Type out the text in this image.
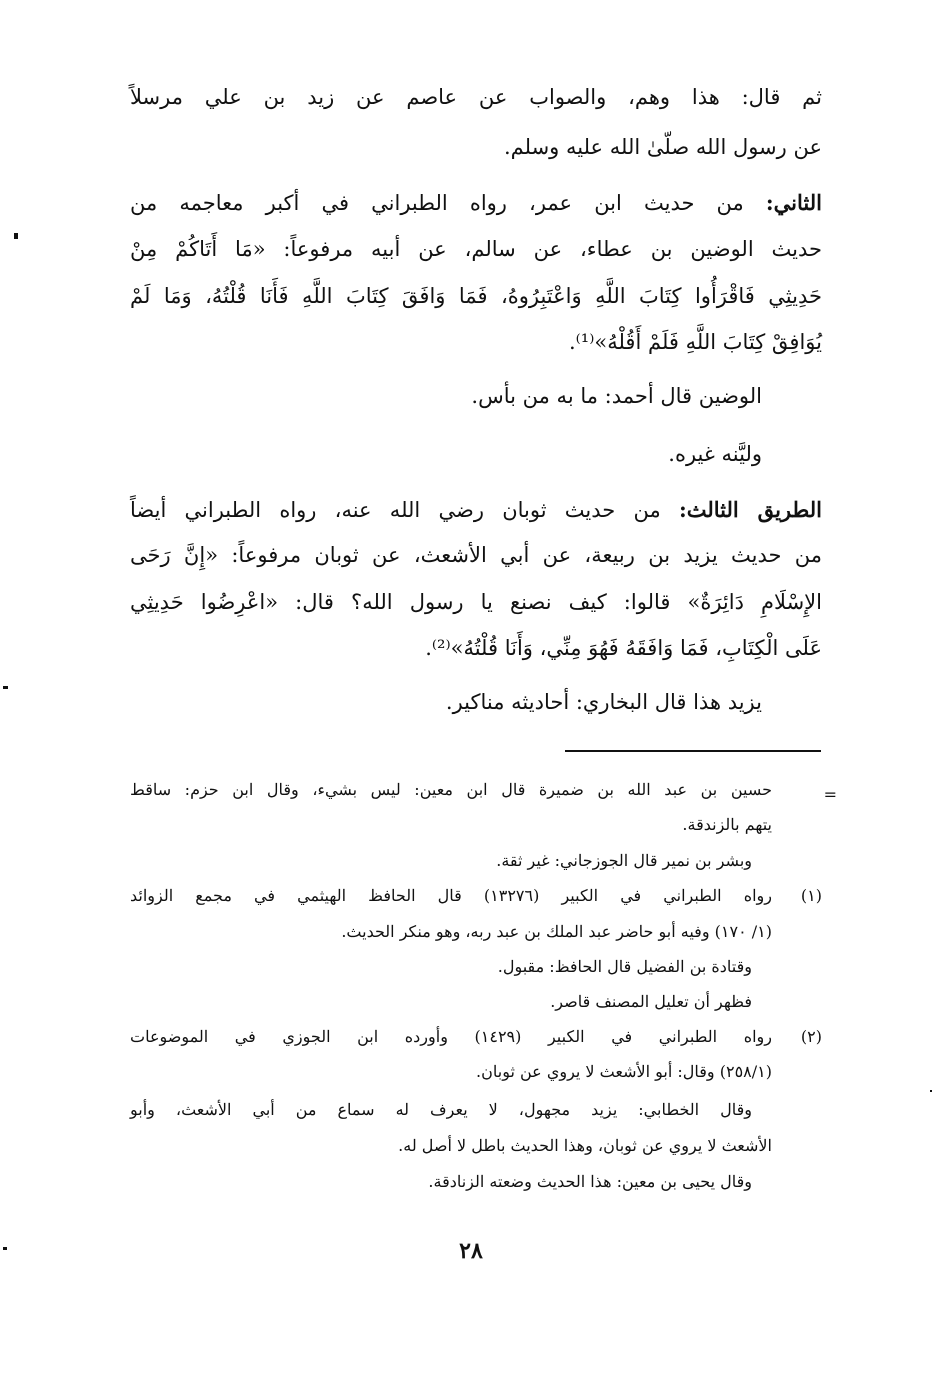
ثم قال: هذا وهم، والصواب عن عاصم عن زيد بن علي مرسلاً

عن رسول الله صلّىٰ الله عليه وسلم.

الثاني: من حديث ابن عمر، رواه الطبراني في أكبر معاجمه من

حديث الوضين بن عطاء، عن سالم، عن أبيه مرفوعاً: «مَا أَتَاكُمْ مِنْ

حَدِيثِي فَاقْرَأُوا كِتَابَ اللَّهِ وَاعْتَبِرُوهُ، فَمَا وَافَقَ كِتَابَ اللَّهِ فَأَنَا قُلْتُهُ، وَمَا لَمْ

يُوَافِقْ كِتَابَ اللَّهِ فَلَمْ أَقُلْهُ»⁽¹⁾.

الوضين قال أحمد: ما به من بأس.

وليَّنه غيره.

الطريق الثالث: من حديث ثوبان رضي الله عنه، رواه الطبراني أيضاً

من حديث يزيد بن ربيعة، عن أبي الأشعث، عن ثوبان مرفوعاً: «إِنَّ رَحَى

الإِسْلَامِ دَائِرَةٌ» قالوا: كيف نصنع يا رسول الله؟ قال: «اعْرِضُوا حَدِيثِي

عَلَى الْكِتَابِ، فَمَا وَافَقَهُ فَهُوَ مِنِّي، وَأَنَا قُلْتُهُ»⁽²⁾.

يزيد هذا قال البخاري: أحاديثه مناكير.

=

حسين بن عبد الله بن ضميرة قال ابن معين: ليس بشيء، وقال ابن حزم: ساقط

يتهم بالزندقة.

وبشر بن نمير قال الجوزجاني: غير ثقة.

(١)

رواه الطبراني في الكبير (١٣٢٧٦) قال الحافظ الهيثمي في مجمع الزوائد

(١/ ١٧٠) وفيه أبو حاضر عبد الملك بن عبد ربه، وهو منكر الحديث.

وقتادة بن الفضيل قال الحافظ: مقبول.

فظهر أن تعليل المصنف قاصر.

(٢)

رواه الطبراني في الكبير (١٤٢٩) وأورده ابن الجوزي في الموضوعات

(٢٥٨/١) وقال: أبو الأشعث لا يروي عن ثوبان.

وقال الخطابي: يزيد مجهول، لا يعرف له سماع من أبي الأشعث، وأبو

الأشعث لا يروي عن ثوبان، وهذا الحديث باطل لا أصل له.

وقال يحيى بن معين: هذا الحديث وضعته الزنادقة.

٢٨
